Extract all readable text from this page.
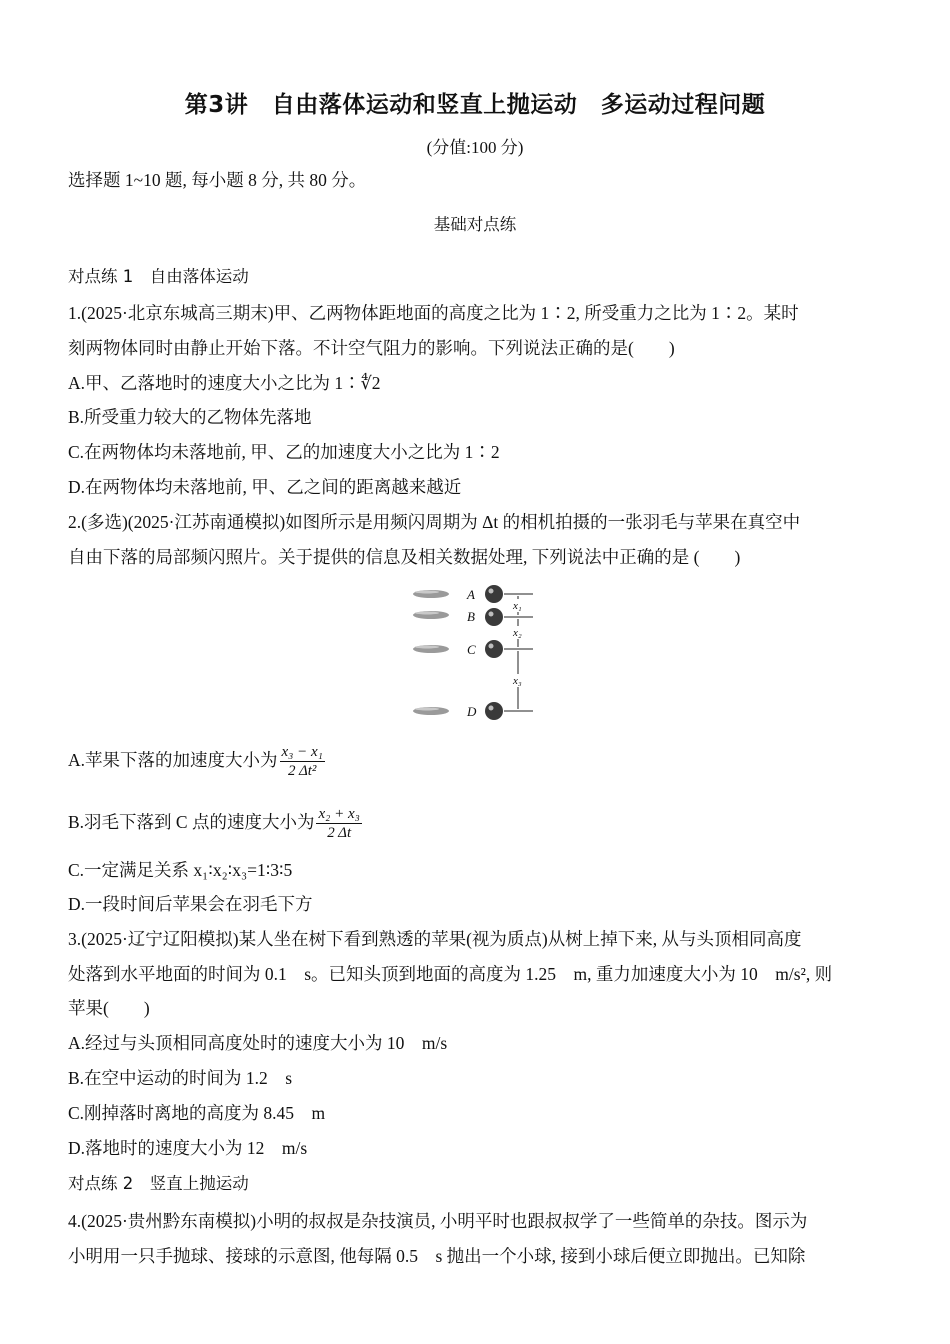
第3讲　自由落体运动和竖直上抛运动　多运动过程问题
(分值:100 分)
选择题 1~10 题, 每小题 8 分, 共 80 分。
基础对点练
对点练 1　自由落体运动
1.(2025·北京东城高三期末)甲、乙两物体距地面的高度之比为 1∶2, 所受重力之比为 1∶2。某时
刻两物体同时由静止开始下落。不计空气阻力的影响。下列说法正确的是(　　)
A.甲、乙落地时的速度大小之比为 1∶∜2
B.所受重力较大的乙物体先落地
C.在两物体均未落地前, 甲、乙的加速度大小之比为 1∶2
D.在两物体均未落地前, 甲、乙之间的距离越来越近
2.(多选)(2025·江苏南通模拟)如图所示是用频闪周期为 Δt 的相机拍摄的一张羽毛与苹果在真空中
自由下落的局部频闪照片。关于提供的信息及相关数据处理, 下列说法中正确的是 (　　)
A
B
C
D
x₁
x₂
x₃
A.苹果下落的加速度大小为 $\frac{\text{x₃ − x₁}}{\text{2 Δt²}}$
B.羽毛下落到 C 点的速度大小为 $\frac{\text{x₂ + x₃}}{2 \Delta t}$
C.一定满足关系 x₁∶x₂∶x₃=1∶3∶5
D.一段时间后苹果会在羽毛下方
3.(2025·辽宁辽阳模拟)某人坐在树下看到熟透的苹果(视为质点)从树上掉下来, 从与头顶相同高度
处落到水平地面的时间为 0.1　s。已知头顶到地面的高度为 1.25　m, 重力加速度大小为 10　m/s², 则
苹果(　　)
A.经过与头顶相同高度处时的速度大小为 10　m/s
B.在空中运动的时间为 1.2　s
C.刚掉落时离地的高度为 8.45　m
D.落地时的速度大小为 12　m/s
对点练 2　竖直上抛运动
4.(2025·贵州黔东南模拟)小明的叔叔是杂技演员, 小明平时也跟叔叔学了一些简单的杂技。图示为
小明用一只手抛球、接球的示意图, 他每隔 0.5　s 抛出一个小球, 接到小球后便立即抛出。已知除
